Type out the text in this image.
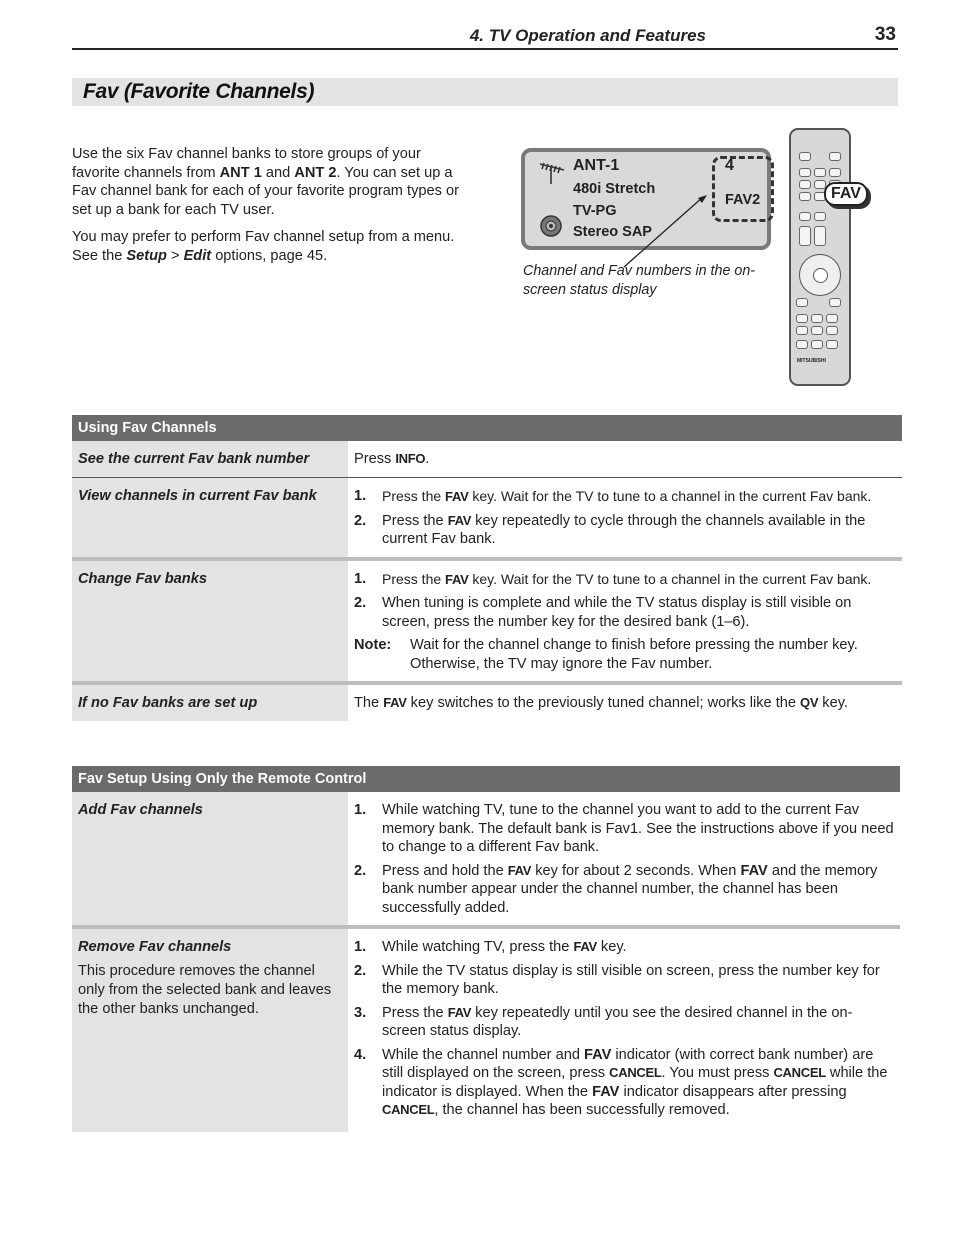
4. TV Operation and Features	33
Fav (Favorite Channels)

Use the six Fav channel banks to store groups of your favorite channels from ANT 1 and ANT 2. You can set up a Fav channel bank for each of your favorite program types or set up a bank for each TV user.

You may prefer to perform Fav channel setup from a menu. See the Setup > Edit options, page 45.

ANT-1
480i Stretch
TV-PG
Stereo SAP
4
FAV2
Channel and Fav numbers in the on-screen status display
MITSUBISHI
FAV
Using Fav Channels
See the current Fav bank number	Press INFO.
View channels in current Fav bank	1.	Press the FAV key. Wait for the TV to tune to a channel in the current Fav bank.
2.	Press the FAV key repeatedly to cycle through the channels available in the current Fav bank.
Change Fav banks	1.	Press the FAV key. Wait for the TV to tune to a channel in the current Fav bank.
2.	When tuning is complete and while the TV status display is still visible on screen, press the number key for the desired bank (1–6).
Note:	Wait for the channel change to finish before pressing the number key. Otherwise, the TV may ignore the Fav number.
If no Fav banks are set up	The FAV key switches to the previously tuned channel; works like the QV key.
Fav Setup Using Only the Remote Control
Add Fav channels	1.	While watching TV, tune to the channel you want to add to the current Fav memory bank. The default bank is Fav1. See the instructions above if you need to change to a different Fav bank.
2.	Press and hold the FAV key for about 2 seconds. When FAV and the memory bank number appear under the channel number, the channel has been successfully added.
Remove Fav channels
This procedure removes the channel only from the selected bank and leaves the other banks unchanged.
1.	While watching TV, press the FAV key.
2.	While the TV status display is still visible on screen, press the number key for the memory bank.
3.	Press the FAV key repeatedly until you see the desired channel in the on-screen status display.
4.	While the channel number and FAV indicator (with correct bank number) are still displayed on the screen, press CANCEL. You must press CANCEL while the indicator is displayed. When the FAV indicator disappears after pressing CANCEL, the channel has been successfully removed.
